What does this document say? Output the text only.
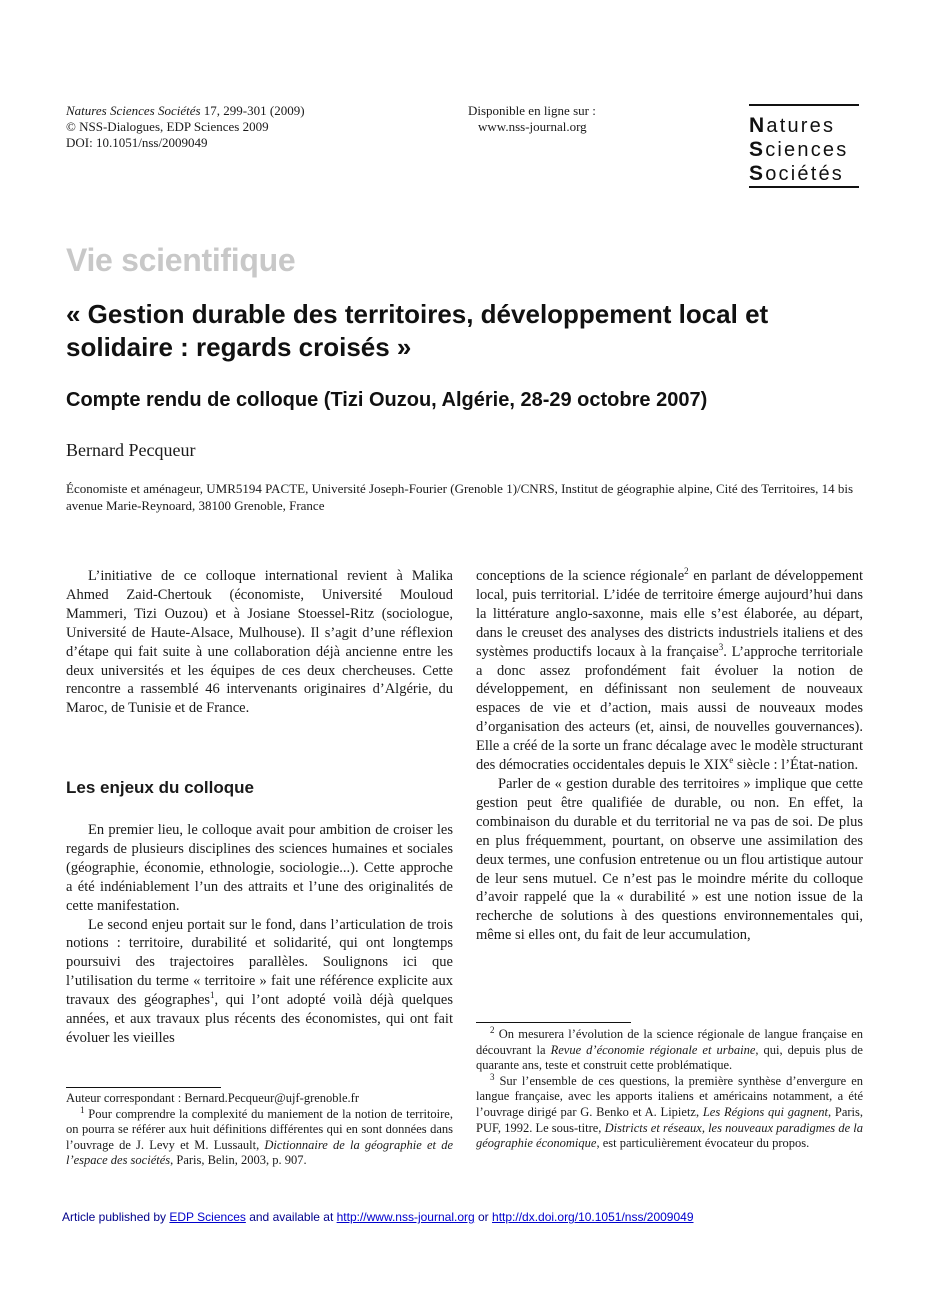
Natures Sciences Sociétés 17, 299-301 (2009)
© NSS-Dialogues, EDP Sciences 2009
DOI: 10.1051/nss/2009049
Disponible en ligne sur :
www.nss-journal.org	Natures
Sciences
Sociétés
Vie scientifique
« Gestion durable des territoires, développement local et solidaire : regards croisés »
Compte rendu de colloque (Tizi Ouzou, Algérie, 28-29 octobre 2007)
Bernard Pecqueur
Économiste et aménageur, UMR5194 PACTE, Université Joseph-Fourier (Grenoble 1)/CNRS, Institut de géographie alpine, Cité des Territoires, 14 bis avenue Marie-Reynoard, 38100 Grenoble, France

L’initiative de ce colloque international revient à Malika Ahmed Zaid-Chertouk (économiste, Université Mouloud Mammeri, Tizi Ouzou) et à Josiane Stoessel-Ritz (sociologue, Université de Haute-Alsace, Mulhouse). Il s’agit d’une réflexion d’étape qui fait suite à une collaboration déjà ancienne entre les deux universités et les équipes de ces deux chercheuses. Cette rencontre a rassemblé 46 intervenants originaires d’Algérie, du Maroc, de Tunisie et de France.

Les enjeux du colloque

En premier lieu, le colloque avait pour ambition de croiser les regards de plusieurs disciplines des sciences humaines et sociales (géographie, économie, ethnologie, sociologie...). Cette approche a été indéniablement l’un des attraits et l’une des originalités de cette manifestation.

Le second enjeu portait sur le fond, dans l’articulation de trois notions : territoire, durabilité et solidarité, qui ont longtemps poursuivi des trajectoires parallèles. Soulignons ici que l’utilisation du terme « territoire » fait une référence explicite aux travaux des géographes$^1$, qui l’ont adopté voilà déjà quelques années, et aux travaux plus récents des économistes, qui ont fait évoluer les vieilles

Auteur correspondant : Bernard.Pecqueur@ujf-grenoble.fr

$^1$ Pour comprendre la complexité du maniement de la notion de territoire, on pourra se référer aux huit définitions différentes qui en sont données dans l’ouvrage de J. Levy et M. Lussault, Dictionnaire de la géographie et de l’espace des sociétés, Paris, Belin, 2003, p. 907.

conceptions de la science régionale$^2$ en parlant de développement local, puis territorial. L’idée de territoire émerge aujourd’hui dans la littérature anglo-saxonne, mais elle s’est élaborée, au départ, dans le creuset des analyses des districts industriels italiens et des systèmes productifs locaux à la française$^3$. L’approche territoriale a donc assez profondément fait évoluer la notion de développement, en définissant non seulement de nouveaux espaces de vie et d’action, mais aussi de nouveaux modes d’organisation des acteurs (et, ainsi, de nouvelles gouvernances). Elle a créé de la sorte un franc décalage avec le modèle structurant des démocraties occidentales depuis le XIXe siècle : l’État-nation.

Parler de « gestion durable des territoires » implique que cette gestion peut être qualifiée de durable, ou non. En effet, la combinaison du durable et du territorial ne va pas de soi. De plus en plus fréquemment, pourtant, on observe une assimilation des deux termes, une confusion entretenue ou un flou artistique autour de leur sens mutuel. Ce n’est pas le moindre mérite du colloque d’avoir rappelé que la « durabilité » est une notion issue de la recherche de solutions à des questions environnementales qui, même si elles ont, du fait de leur accumulation,

$^2$ On mesurera l’évolution de la science régionale de langue française en découvrant la Revue d’économie régionale et urbaine, qui, depuis plus de quarante ans, teste et construit cette problématique.

$^3$ Sur l’ensemble de ces questions, la première synthèse d’envergure en langue française, avec les apports italiens et américains notamment, a été l’ouvrage dirigé par G. Benko et A. Lipietz, Les Régions qui gagnent, Paris, PUF, 1992. Le sous-titre, Districts et réseaux, les nouveaux paradigmes de la géographie économique, est particulièrement évocateur du propos.

Article published by EDP Sciences and available at http://www.nss-journal.org or http://dx.doi.org/10.1051/nss/2009049
